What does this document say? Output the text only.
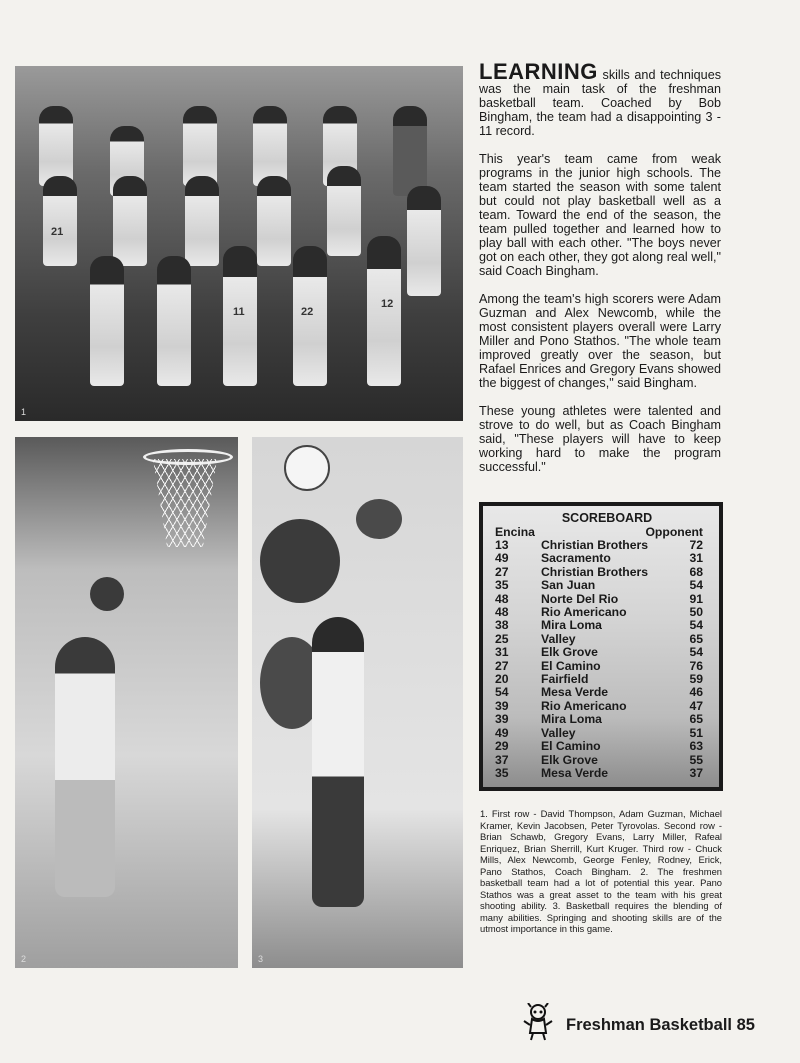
11	22
12
21
1
2	3

LEARNING skills and techniques was the main task of the freshman basketball team. Coached by Bob Bingham, the team had a disappointing 3 - 11 record.

This year's team came from weak programs in the junior high schools. The team started the season with some talent but could not play basketball well as a team. Toward the end of the season, the team pulled together and learned how to play ball with each other. "The boys never got on each other, they got along real well," said Coach Bingham.

Among the team's high scorers were Adam Guzman and Alex Newcomb, while the most consistent players overall were Larry Miller and Pono Stathos. "The whole team improved greatly over the season, but Rafael Enrices and Gregory Evans showed the biggest of changes," said Bingham.

These young athletes were talented and strove to do well, but as Coach Bingham said, "These players will have to keep working hard to make the program successful."

SCOREBOARD
Encina	Opponent
13	Christian Brothers	72
49	Sacramento	31
27	Christian Brothers	68
35	San Juan	54
48	Norte Del Rio	91
48	Rio Americano	50
38	Mira Loma	54
25	Valley	65
31	Elk Grove	54
27	El Camino	76
20	Fairfield	59
54	Mesa Verde	46
39	Rio Americano	47
39	Mira Loma	65
49	Valley	51
29	El Camino	63
37	Elk Grove	55
35	Mesa Verde	37
1. First row - David Thompson, Adam Guzman, Michael Kramer, Kevin Jacobsen, Peter Tyrovolas. Second row - Brian Schawb, Gregory Evans, Larry Miller, Rafeal Enriquez, Brian Sherrill, Kurt Kruger. Third row - Chuck Mills, Alex Newcomb, George Fenley, Rodney, Erick, Pano Stathos, Coach Bingham. 2. The freshmen basketball team had a lot of potential this year. Pano Stathos was a great asset to the team with his great shooting ability. 3. Basketball requires the blending of many abilities. Springing and shooting skills are of the utmost importance in this game.
Freshman Basketball 85
